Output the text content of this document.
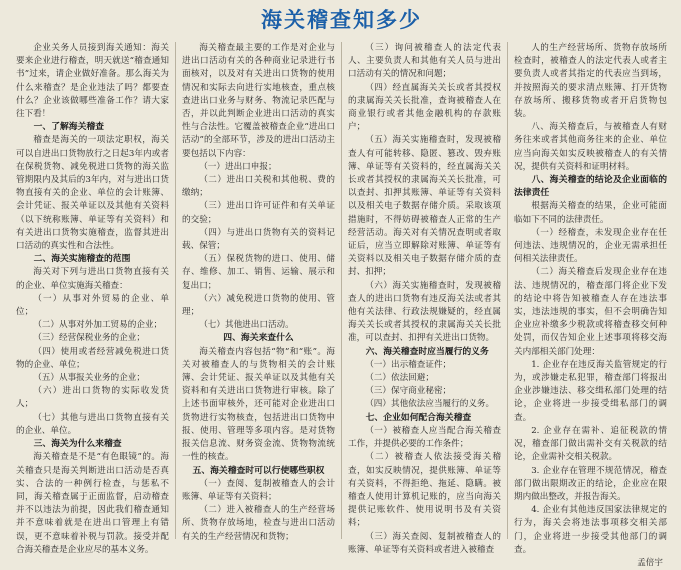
海关稽查知多少

企业关务人员接到海关通知：海关要来企业进行稽查，明天就送“稽查通知书”过来，请企业做好准备。那么海关为什么来稽查？是企业违法了吗？都要查什么？企业该做哪些准备工作？请大家往下看！

一、了解海关稽查

稽查是海关的一项法定职权，海关可以自进出口货物放行之日起3年内或者在保税货物、减免税进口货物的海关监管期限内及其后的3年内，对与进出口货物直接有关的企业、单位的会计账簿、会计凭证、报关单证以及其他有关资料（以下统称账簿、单证等有关资料）和有关进出口货物实施稽查，监督其进出口活动的真实性和合法性。

二、海关实施稽查的范围

海关对下列与进出口货物直接有关的企业、单位实施海关稽查：

（一）从事对外贸易的企业、单位；

（二）从事对外加工贸易的企业；

（三）经营保税业务的企业；

（四）使用或者经营减免税进口货物的企业、单位；

（五）从事报关业务的企业；

（六）进出口货物的实际收发货人；

（七）其他与进出口货物直接有关的企业、单位。

三、海关为什么来稽查

海关稽查是不是“有色眼镜”的。海关稽查只是海关判断进出口活动是否真实、合法的一种例行检查，与惩私不同，海关稽查属于正面监督，启动稽查并不以违法为前提，因此我们稽查通知并不意味着就是在进出口管理上有错误，更不意味着补税与罚款。接受并配合海关稽查是企业应尽的基本义务。

海关稽查最主要的工作是对企业与进出口活动有关的各种商业记录进行书面核对，以及对有关进出口货物的使用情况和实际去向进行实地核查，重点核查进出口业务与财务、物流记录匹配与否，并以此判断企业进出口活动的真实性与合法性。它覆盖被稽查企业“进出口活动”的全部环节，涉及的进出口活动主要包括以下内容：

（一）进出口申报；

（二）进出口关税和其他税、费的缴纳；

（三）进出口许可证件和有关单证的交验；

（四）与进出口货物有关的资料记载、保管；

（五）保税货物的进口、使用、储存、维修、加工、销售、运输、展示和复出口；

（六）减免税进口货物的使用、管理；

（七）其他进出口活动。

四、海关来查什么

海关稽查内容包括“物”和“账”。海关对被稽查人的与货物相关的会计账簿、会计凭证、报关单证以及其他有关资料和有关进出口货物进行审核。除了上述书面审核外，还可能对企业进出口货物进行实物核查，包括进出口货物申报、使用、管理等多项内容。是对货物报关信息流、财务资金流、货物物流统一性的核查。

五、海关稽查时可以行使哪些职权

（一）查阅、复制被稽查人的会计账簿、单证等有关资料；

（二）进入被稽查人的生产经营场所、货物存放场地，检查与进出口活动有关的生产经营情况和货物；

（三）询问被稽查人的法定代表人、主要负责人和其他有关人员与进出口活动有关的情况和问题；

（四）经直属海关关长或者其授权的隶属海关关长批准，查询被稽查人在商业银行或者其他金融机构的存款账户；

（五）海关实施稽查时，发现被稽查人有可能转移、隐匿、篡改、毁弃账簿、单证等有关资料的，经直属海关关长或者其授权的隶属海关关长批准，可以查封、扣押其账簿、单证等有关资料以及相关电子数据存储介质。采取该项措施时，不得妨碍被稽查人正常的生产经营活动。海关对有关情况查明或者取证后，应当立即解除对账簿、单证等有关资料以及相关电子数据存储介质的查封、扣押；

（六）海关实施稽查时，发现被稽查人的进出口货物有违反海关法或者其他有关法律、行政法规嫌疑的，经直属海关关长或者其授权的隶属海关关长批准，可以查封、扣押有关进出口货物。

六、海关稽查时应当履行的义务

（一）出示稽查证件；

（二）依法回避；

（三）保守商业秘密；

（四）其他依法应当履行的义务。

七、企业如何配合海关稽查

（一）被稽查人应当配合海关稽查工作，并提供必要的工作条件；

（二）被稽查人依法接受海关稽查，如实反映情况，提供账簿、单证等有关资料，不得拒绝、拖延、隐瞒。被稽查人使用计算机记账的，应当向海关提供记账软件、使用说明书及有关资料；

（三）海关查阅、复制被稽查人的账簿、单证等有关资料或者进入被稽查

人的生产经营场所、货物存放场所检查时，被稽查人的法定代表人或者主要负责人或者其指定的代表应当到场，并按照海关的要求清点账簿、打开货物存放场所、搬移货物或者开启货物包装。

八、海关稽查后，与被稽查人有财务往来或者其他商务往来的企业、单位应当向海关如实反映被稽查人的有关情况，提供有关资料和证明材料。

八、海关稽查的结论及企业面临的法律责任

根据海关稽查的结果，企业可能面临如下不同的法律责任。

（一）经稽查，未发现企业存在任何违法、违规情况的，企业无需承担任何相关法律责任。

（二）海关稽查后发现企业存在违法、违规情况的，稽查部门将企业下发的结论中将告知被稽查人存在违法事实，违法违规的事实，但不会明确告知企业应补缴多少税款或将稽查移交何种处罚，而仅告知企业上述事项将移交海关内部相关部门处理：

1. 企业存在违反海关监管规定的行为，或涉嫌走私犯罪，稽查部门将报出企业涉嫌违法、移交缉私部门处理的结论，企业将进一步接受缉私部门的调查。

2. 企业存在需补、追征税款的情况，稽查部门做出需补交有关税款的结论，企业需补交相关税款。

3. 企业存在管理不规范情况，稽查部门做出限期改正的结论，企业应在限期内做出整改，并报告海关。

4. 企业有其他违反国家法律规定的行为，海关会将违法事项移交相关部门，企业将进一步接受其他部门的调查。

孟倍宇
